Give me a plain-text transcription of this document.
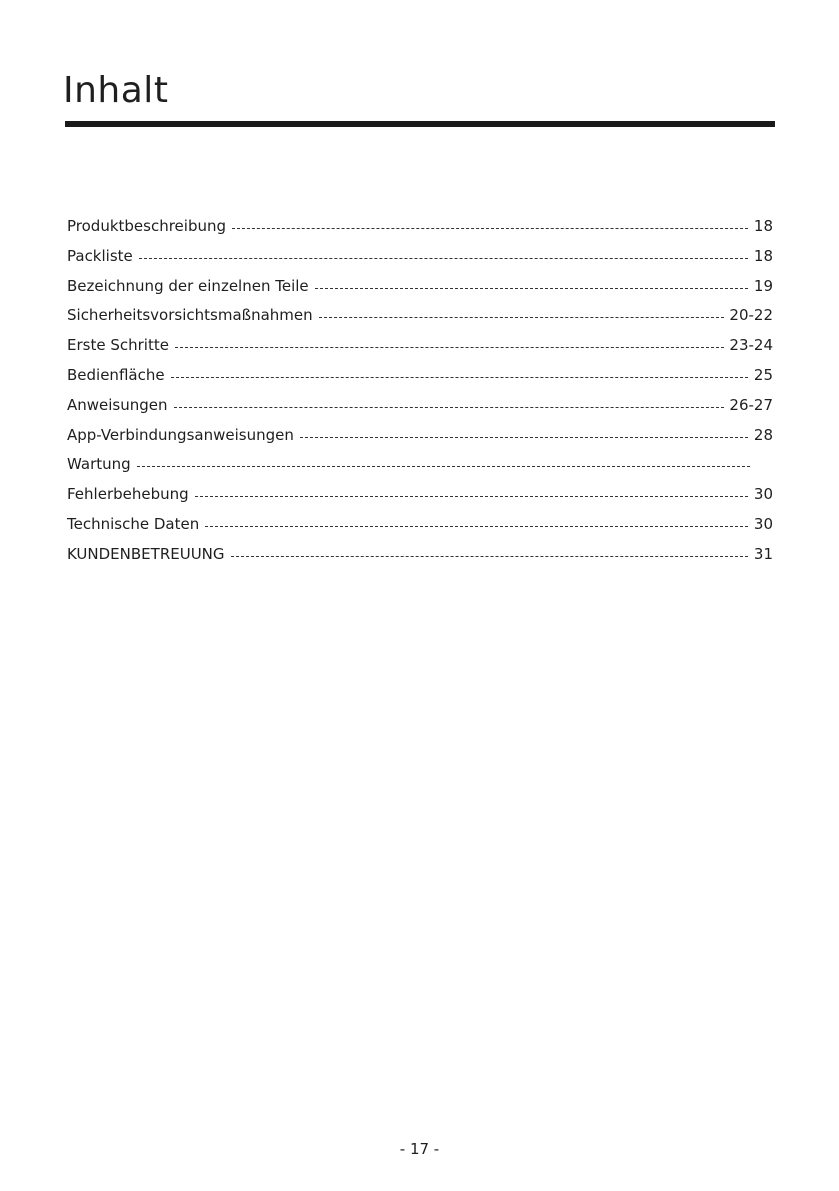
Inhalt
Produktbeschreibung	18
Packliste	18
Bezeichnung der einzelnen Teile	19
Sicherheitsvorsichtsmaßnahmen	20-22
Erste Schritte	23-24
Bedienfläche	25
Anweisungen	26-27
App-Verbindungsanweisungen	28
Wartung
Fehlerbehebung	30
Technische Daten	30
KUNDENBETREUUNG	31
- 17 -
